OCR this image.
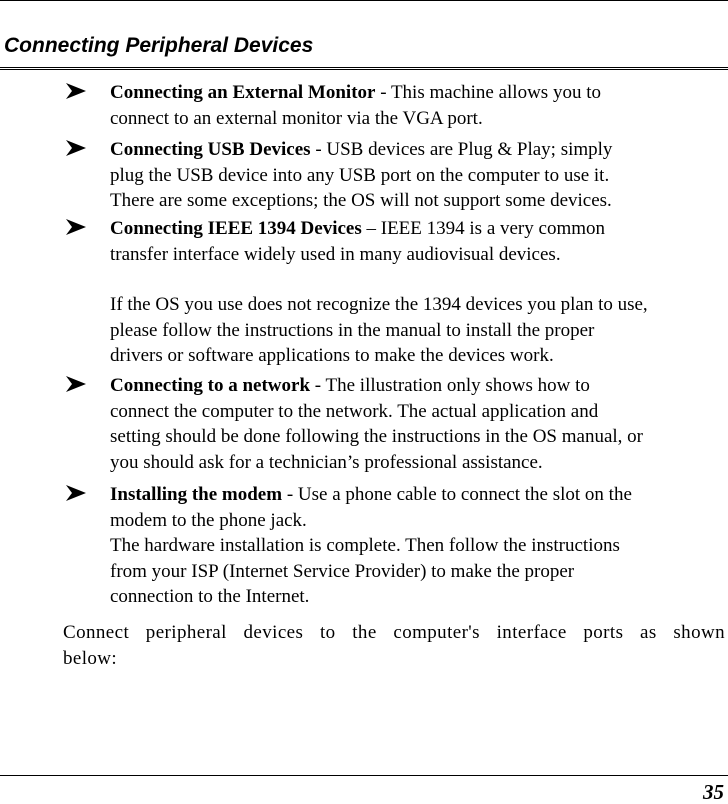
Connecting Peripheral Devices

Connecting an External Monitor - This machine allows you to
connect to an external monitor via the VGA port.

Connecting USB Devices - USB devices are Plug & Play; simply
plug the USB device into any USB port on the computer to use it.
There are some exceptions; the OS will not support some devices.

Connecting IEEE 1394 Devices – IEEE 1394 is a very common
transfer interface widely used in many audiovisual devices.

If the OS you use does not recognize the 1394 devices you plan to use,
please follow the instructions in the manual to install the proper
drivers or software applications to make the devices work.

Connecting to a network - The illustration only shows how to
connect the computer to the network. The actual application and
setting should be done following the instructions in the OS manual, or
you should ask for a technician’s professional assistance.

Installing the modem - Use a phone cable to connect the slot on the
modem to the phone jack.
The hardware installation is complete. Then follow the instructions
from your ISP (Internet Service Provider) to make the proper
connection to the Internet.

Connect peripheral devices to the computer's interface ports as shown below:

35
